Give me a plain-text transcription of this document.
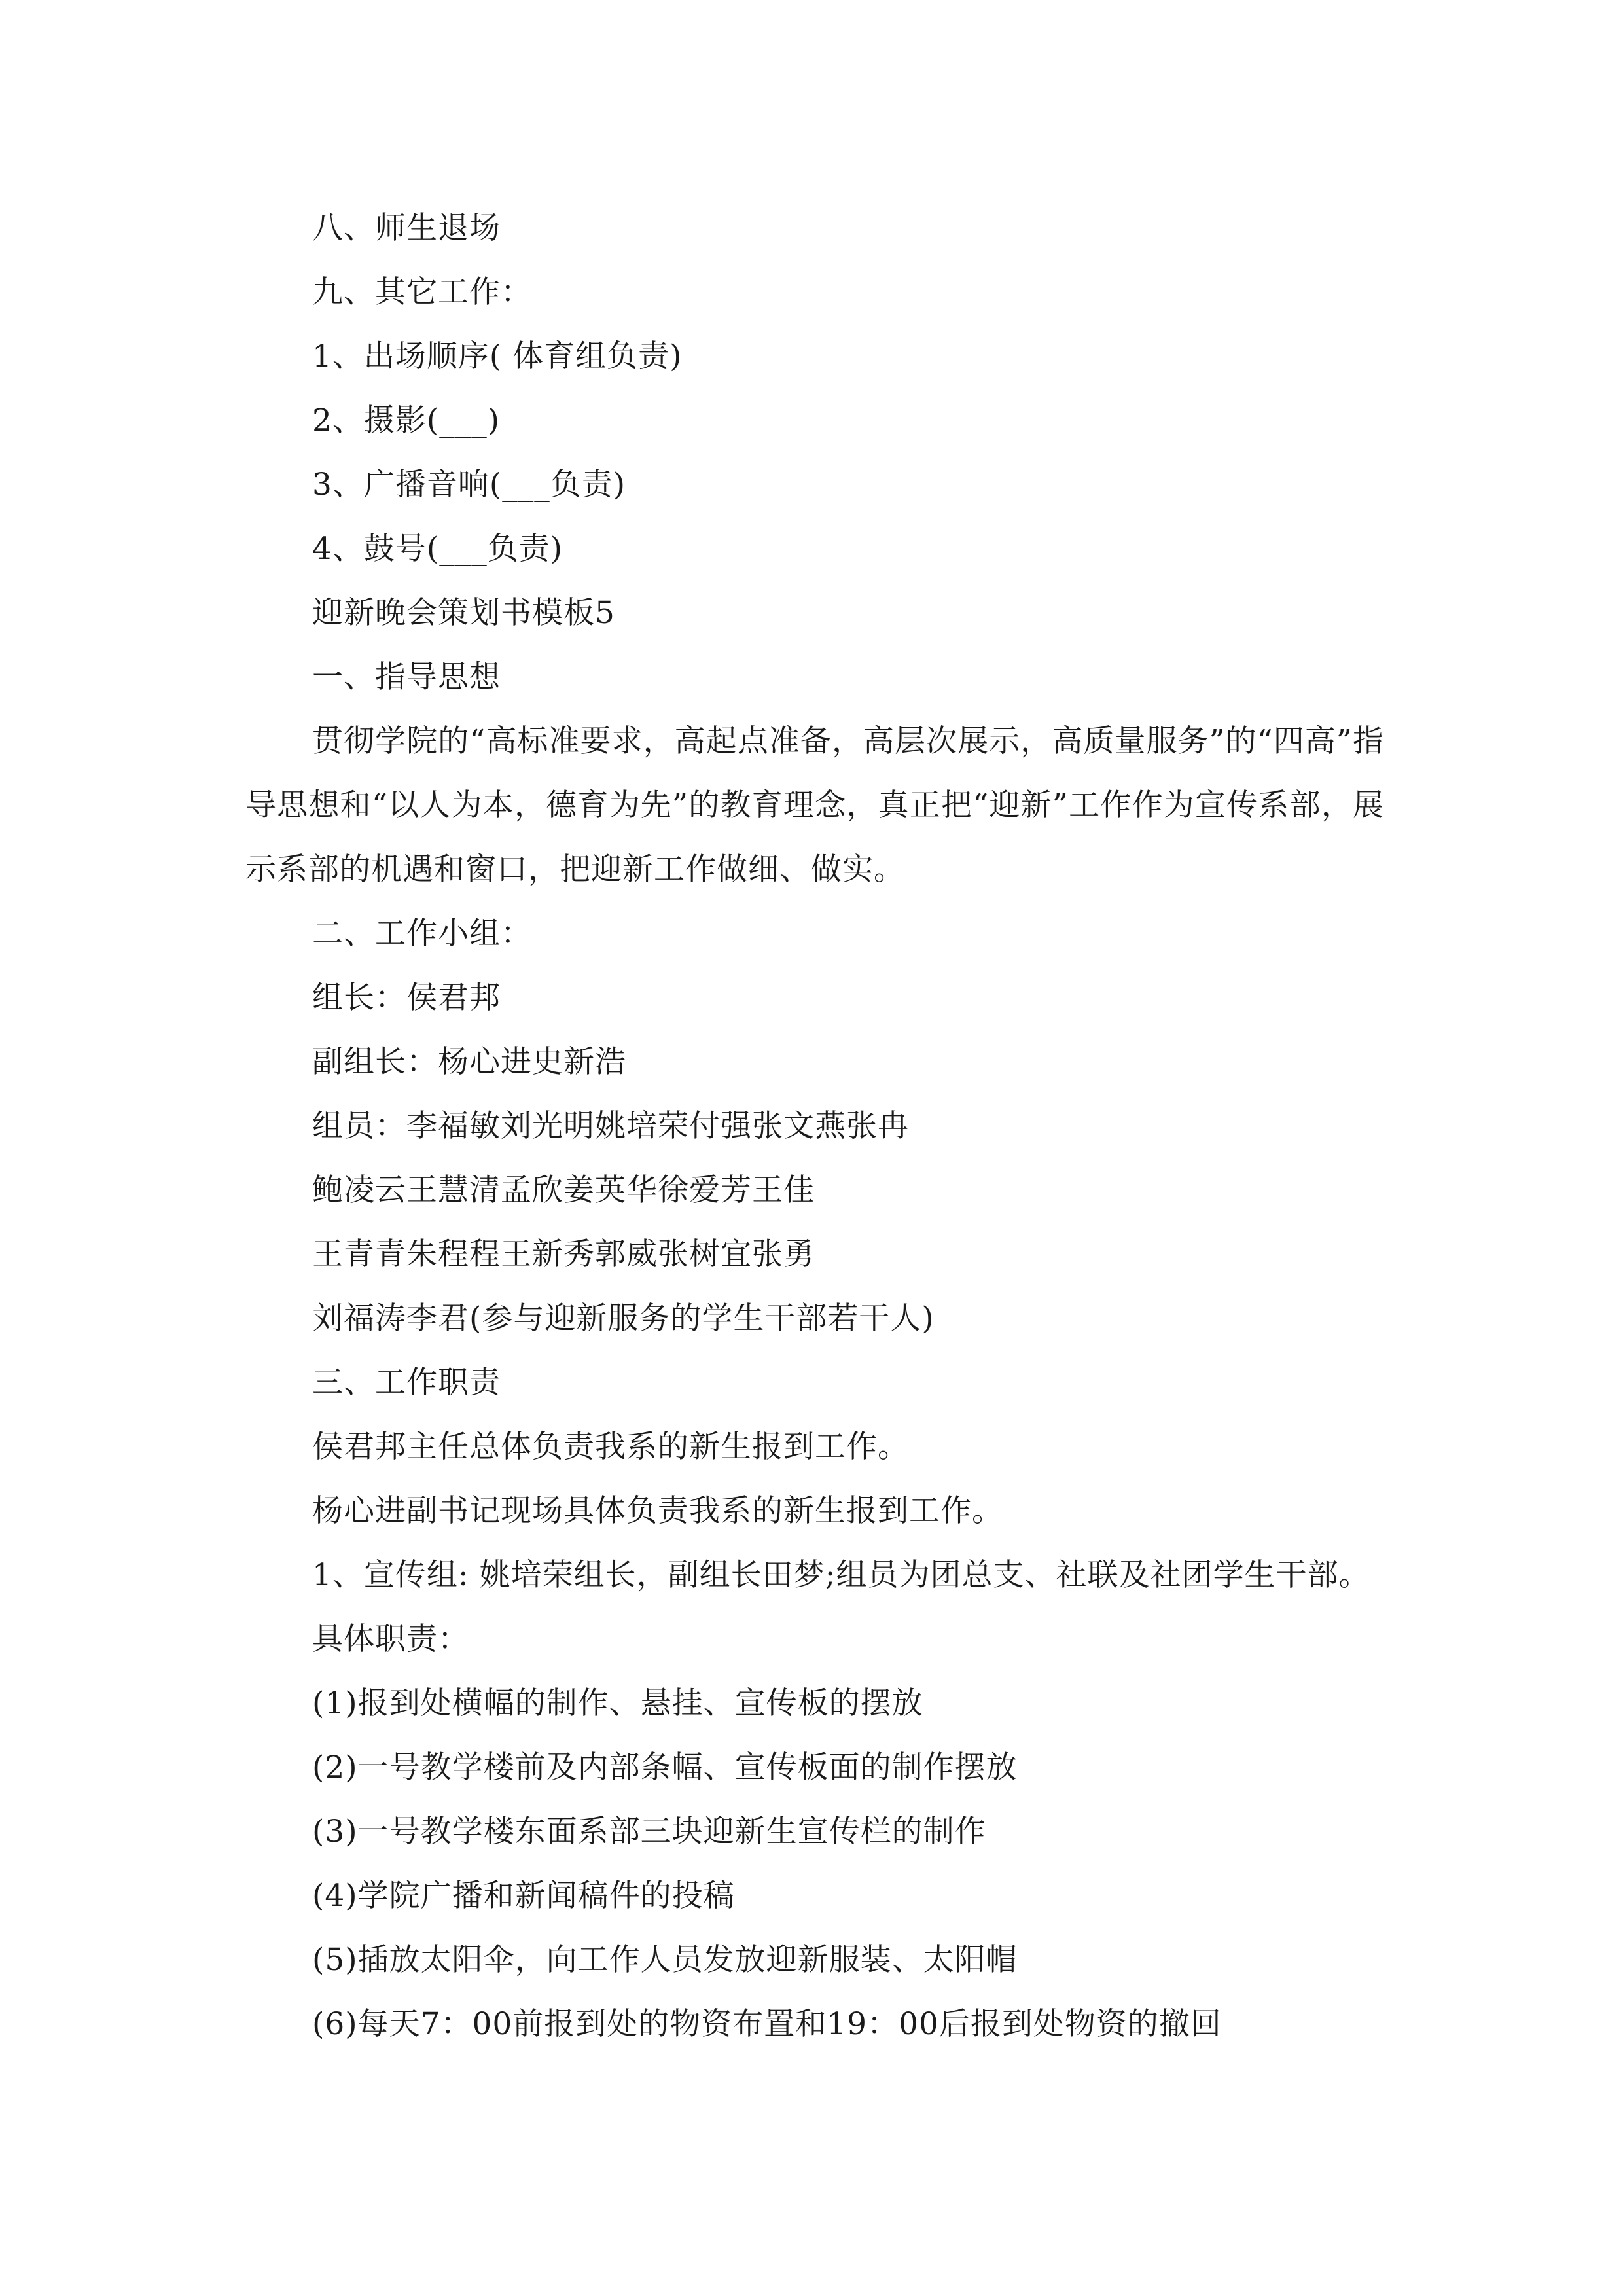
八、师生退场
九、其它工作：
1、出场顺序( 体育组负责)
2、摄影(___)
3、广播音响(___负责)
4、鼓号(___负责)
迎新晚会策划书模板5
一、指导思想
贯彻学院的“高标准要求，高起点准备，高层次展示，高质量服务”的“四高”指导思想和“以人为本，德育为先”的教育理念，真正把“迎新”工作作为宣传系部，展示系部的机遇和窗口，把迎新工作做细、做实。
二、工作小组：
组长：侯君邦
副组长：杨心进史新浩
组员：李福敏刘光明姚培荣付强张文燕张冉
鲍凌云王慧清孟欣姜英华徐爱芳王佳
王青青朱程程王新秀郭威张树宜张勇
刘福涛李君(参与迎新服务的学生干部若干人)
三、工作职责
侯君邦主任总体负责我系的新生报到工作。
杨心进副书记现场具体负责我系的新生报到工作。
1、宣传组: 姚培荣组长，副组长田梦;组员为团总支、社联及社团学生干部。
具体职责：
(1)报到处横幅的制作、悬挂、宣传板的摆放
(2)一号教学楼前及内部条幅、宣传板面的制作摆放
(3)一号教学楼东面系部三块迎新生宣传栏的制作
(4)学院广播和新闻稿件的投稿
(5)插放太阳伞，向工作人员发放迎新服装、太阳帽
(6)每天7：00前报到处的物资布置和19：00后报到处物资的撤回
